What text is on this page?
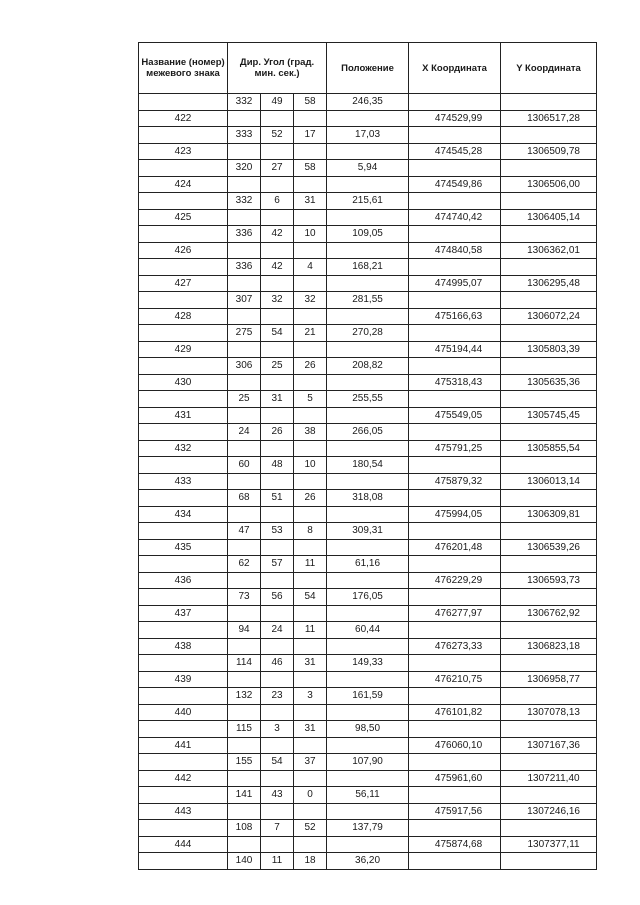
Название (номер) межевого знака	Дир. Угол (град. мин. сек.)			Положение	X Координата	Y Координата
	332	49	58	246,35		
422					474529,99	1306517,28
	333	52	17	17,03		
423					474545,28	1306509,78
	320	27	58	5,94		
424					474549,86	1306506,00
	332	6	31	215,61		
425					474740,42	1306405,14
	336	42	10	109,05		
426					474840,58	1306362,01
	336	42	4	168,21		
427					474995,07	1306295,48
	307	32	32	281,55		
428					475166,63	1306072,24
	275	54	21	270,28		
429					475194,44	1305803,39
	306	25	26	208,82		
430					475318,43	1305635,36
	25	31	5	255,55		
431					475549,05	1305745,45
	24	26	38	266,05		
432					475791,25	1305855,54
	60	48	10	180,54		
433					475879,32	1306013,14
	68	51	26	318,08		
434					475994,05	1306309,81
	47	53	8	309,31		
435					476201,48	1306539,26
	62	57	11	61,16		
436					476229,29	1306593,73
	73	56	54	176,05		
437					476277,97	1306762,92
	94	24	11	60,44		
438					476273,33	1306823,18
	114	46	31	149,33		
439					476210,75	1306958,77
	132	23	3	161,59		
440					476101,82	1307078,13
	115	3	31	98,50		
441					476060,10	1307167,36
	155	54	37	107,90		
442					475961,60	1307211,40
	141	43	0	56,11		
443					475917,56	1307246,16
	108	7	52	137,79		
444					475874,68	1307377,11
	140	11	18	36,20		
